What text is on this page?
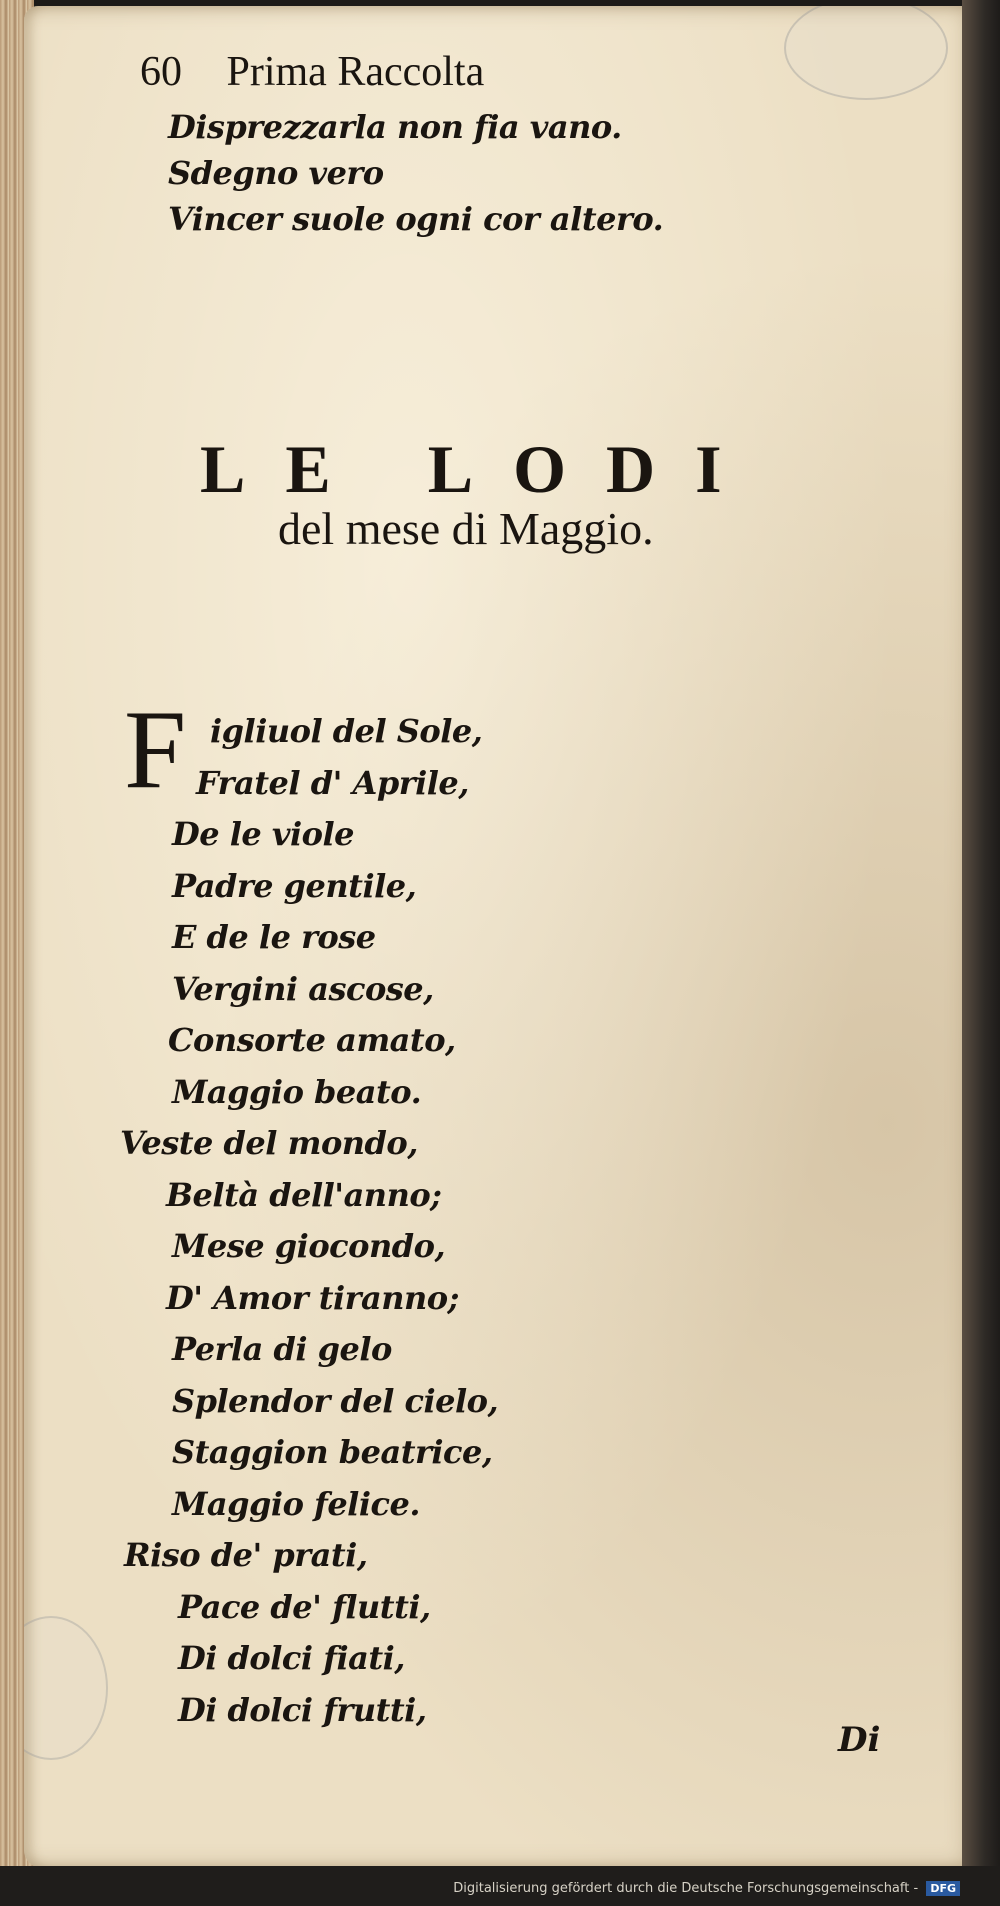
60 Prima Raccolta
Disprezzarla non fia vano.
Sdegno vero
Vincer suole ogni cor altero.
LE LODI
del mese di Maggio.
F igliuol del Sole,
Fratel d' Aprile,
De le viole
Padre gentile,
E de le rose
Vergini ascose,
Consorte amato,
Maggio beato.
Veste del mondo,
Beltà dell'anno;
Mese giocondo,
D' Amor tiranno;
Perla di gelo
Splendor del cielo,
Staggion beatrice,
Maggio felice.
Riso de' prati,
Pace de' flutti,
Di dolci fiati,
Di dolci frutti,
Di
Digitalisierung gefördert durch die Deutsche Forschungsgemeinschaft - DFG
